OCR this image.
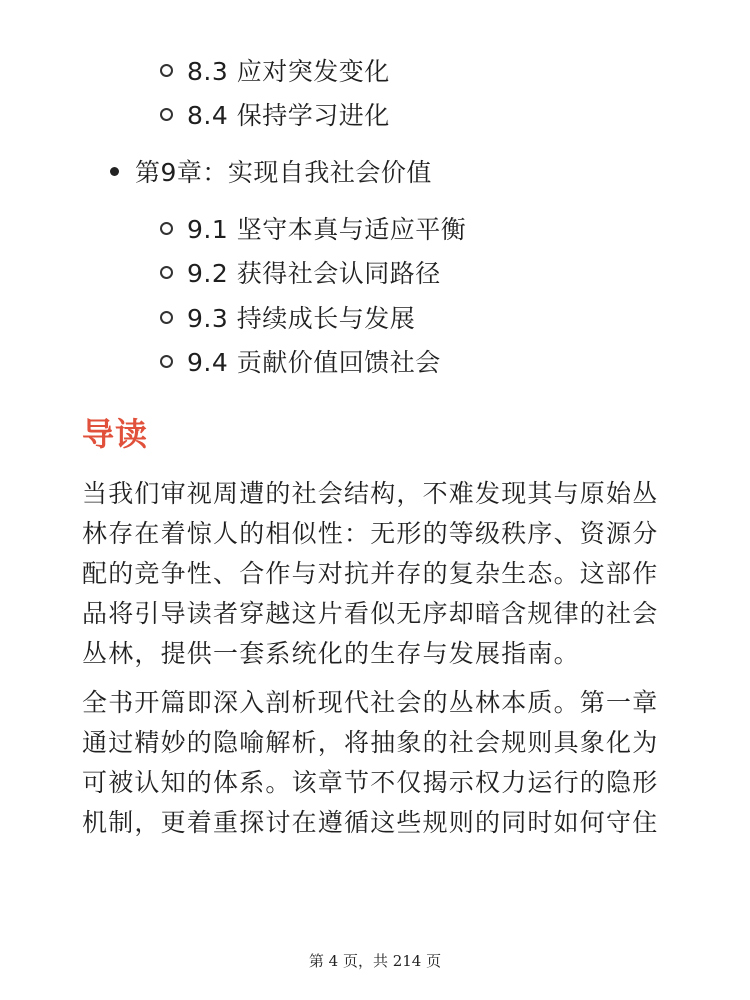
8.3 应对突发变化
8.4 保持学习进化
第9章：实现自我社会价值
9.1 坚守本真与适应平衡
9.2 获得社会认同路径
9.3 持续成长与发展
9.4 贡献价值回馈社会
导读

当我们审视周遭的社会结构，不难发现其与原始丛
林存在着惊人的相似性：无形的等级秩序、资源分
配的竞争性、合作与对抗并存的复杂生态。这部作
品将引导读者穿越这片看似无序却暗含规律的社会
丛林，提供一套系统化的生存与发展指南。

全书开篇即深入剖析现代社会的丛林本质。第一章
通过精妙的隐喻解析，将抽象的社会规则具象化为
可被认知的体系。该章节不仅揭示权力运行的隐形
机制，更着重探讨在遵循这些规则的同时如何守住

第 4 页，共 214 页
